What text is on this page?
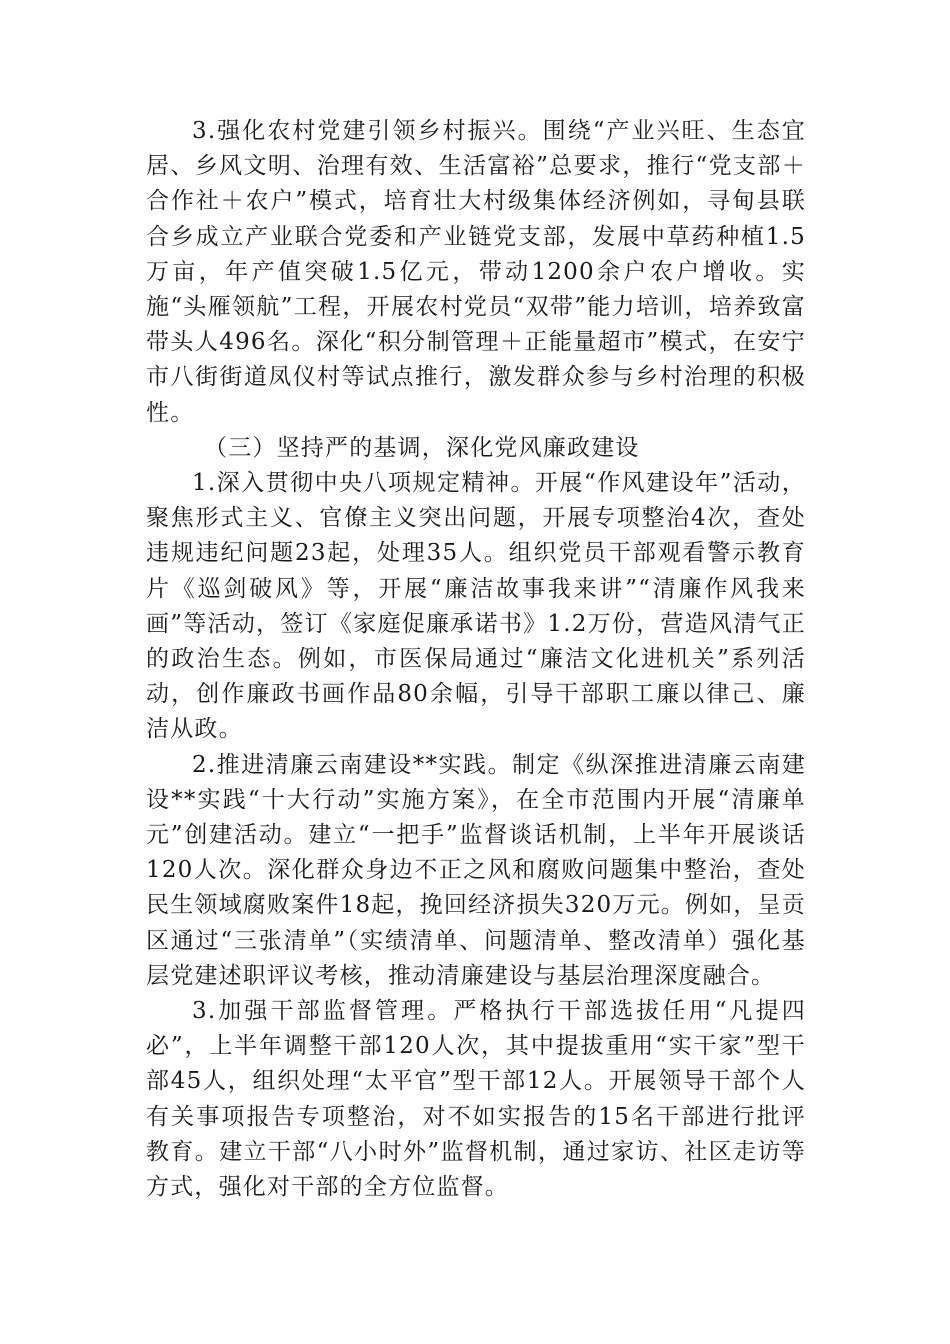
3.强化农村党建引领乡村振兴。围绕“产业兴旺、生态宜居、乡风文明、治理有效、生活富裕”总要求，推行“党支部＋合作社＋农户”模式，培育壮大村级集体经济例如，寻甸县联合乡成立产业联合党委和产业链党支部，发展中草药种植1.5万亩，年产值突破1.5亿元，带动1200余户农户增收。实施“头雁领航”工程，开展农村党员“双带”能力培训，培养致富带头人496名。深化“积分制管理＋正能量超市”模式，在安宁市八街街道凤仪村等试点推行，激发群众参与乡村治理的积极性。

（三）坚持严的基调，深化党风廉政建设

1.深入贯彻中央八项规定精神。开展“作风建设年”活动，聚焦形式主义、官僚主义突出问题，开展专项整治4次，查处违规违纪问题23起，处理35人。组织党员干部观看警示教育片《巡剑破风》等，开展“廉洁故事我来讲”“清廉作风我来画”等活动，签订《家庭促廉承诺书》1.2万份，营造风清气正的政治生态。例如，市医保局通过“廉洁文化进机关”系列活动，创作廉政书画作品80余幅，引导干部职工廉以律己、廉洁从政。

2.推进清廉云南建设**实践。制定《纵深推进清廉云南建设**实践“十大行动”实施方案》，在全市范围内开展“清廉单元”创建活动。建立“一把手”监督谈话机制，上半年开展谈话120人次。深化群众身边不正之风和腐败问题集中整治，查处民生领域腐败案件18起，挽回经济损失320万元。例如，呈贡区通过“三张清单”（实绩清单、问题清单、整改清单）强化基层党建述职评议考核，推动清廉建设与基层治理深度融合。

3.加强干部监督管理。严格执行干部选拔任用“凡提四必”，上半年调整干部120人次，其中提拔重用“实干家”型干部45人，组织处理“太平官”型干部12人。开展领导干部个人有关事项报告专项整治，对不如实报告的15名干部进行批评教育。建立干部“八小时外”监督机制，通过家访、社区走访等方式，强化对干部的全方位监督。
